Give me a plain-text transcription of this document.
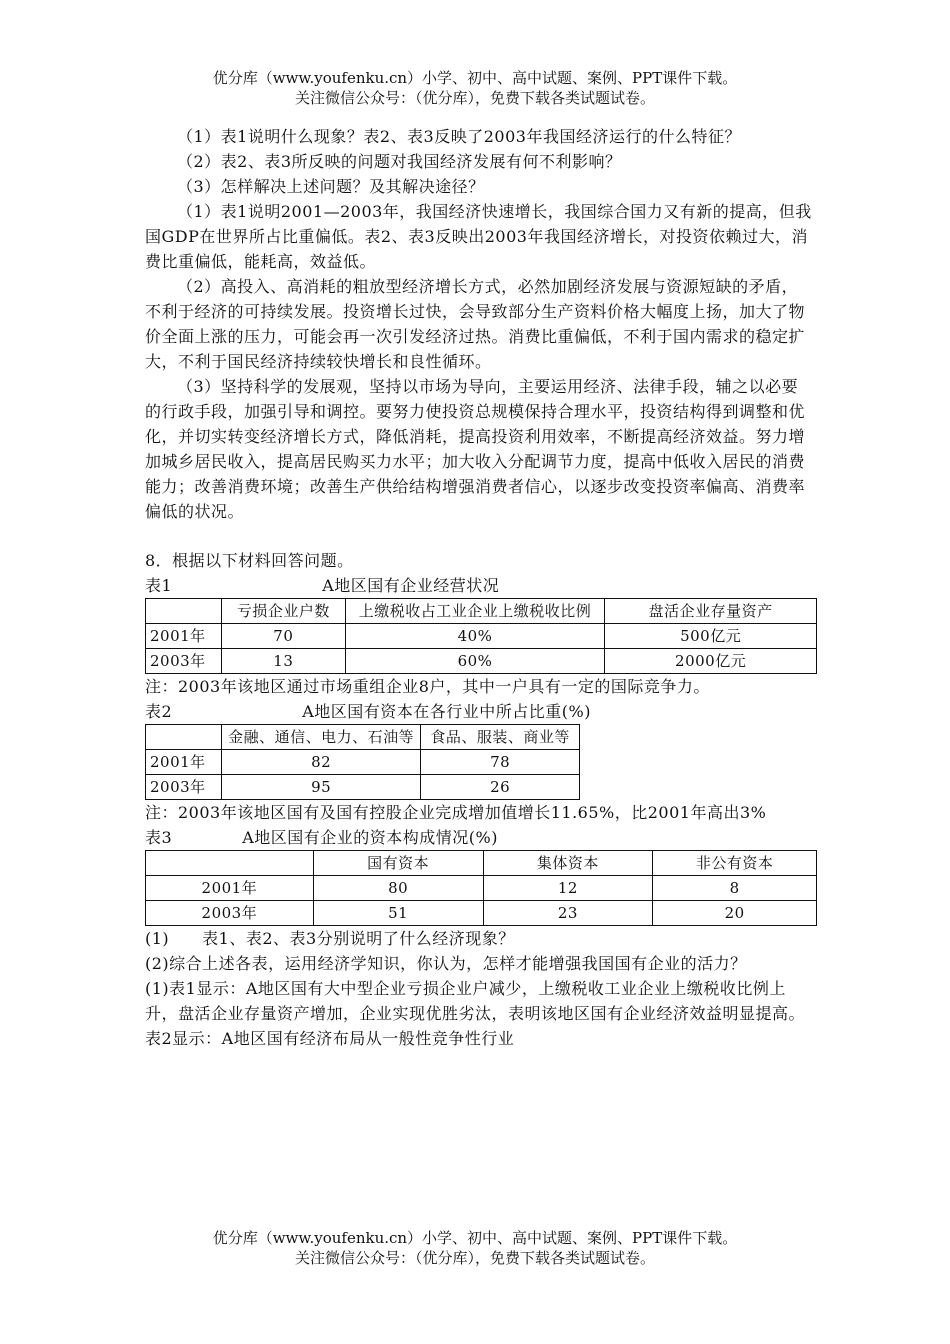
优分库（www.youfenku.cn）小学、初中、高中试题、案例、PPT课件下载。
关注微信公众号：（优分库），免费下载各类试题试卷。

（1）表1说明什么现象？表2、表3反映了2003年我国经济运行的什么特征？

（2）表2、表3所反映的问题对我国经济发展有何不利影响？

（3）怎样解决上述问题？及其解决途径？

（1）表1说明2001—2003年，我国经济快速增长，我国综合国力又有新的提高，但我国GDP在世界所占比重偏低。表2、表3反映出2003年我国经济增长，对投资依赖过大，消费比重偏低，能耗高，效益低。

（2）高投入、高消耗的粗放型经济增长方式，必然加剧经济发展与资源短缺的矛盾，不利于经济的可持续发展。投资增长过快，会导致部分生产资料价格大幅度上扬，加大了物价全面上涨的压力，可能会再一次引发经济过热。消费比重偏低，不利于国内需求的稳定扩大，不利于国民经济持续较快增长和良性循环。

（3）坚持科学的发展观，坚持以市场为导向，主要运用经济、法律手段，辅之以必要的行政手段，加强引导和调控。要努力使投资总规模保持合理水平，投资结构得到调整和优化，并切实转变经济增长方式，降低消耗，提高投资利用效率，不断提高经济效益。努力增加城乡居民收入，提高居民购买力水平；加大收入分配调节力度，提高中低收入居民的消费能力；改善消费环境；改善生产供给结构增强消费者信心，以逐步改变投资率偏高、消费率偏低的状况。

8．根据以下材料回答问题。

表1	A地区国有企业经营状况

	亏损企业户数	上缴税收占工业企业上缴税收比例	盘活企业存量资产
2001年	70	40%	500亿元
2003年	13	60%	2000亿元

注：2003年该地区通过市场重组企业8户，其中一户具有一定的国际竞争力。

表2	A地区国有资本在各行业中所占比重(%)

	金融、通信、电力、石油等	食品、服装、商业等
2001年	82	78
2003年	95	26

注：2003年该地区国有及国有控股企业完成增加值增长11.65%，比2001年高出3%

表3	A地区国有企业的资本构成情况(%)

	国有资本	集体资本	非公有资本
2001年	80	12	8
2003年	51	23	20

(1)　　表1、表2、表3分别说明了什么经济现象？

(2)综合上述各表，运用经济学知识，你认为，怎样才能增强我国国有企业的活力？

(1)表1显示：A地区国有大中型企业亏损企业户减少，上缴税收工业企业上缴税收比例上升，盘活企业存量资产增加，企业实现优胜劣汰，表明该地区国有企业经济效益明显提高。表2显示：A地区国有经济布局从一般性竞争性行业

优分库（www.youfenku.cn）小学、初中、高中试题、案例、PPT课件下载。
关注微信公众号：（优分库），免费下载各类试题试卷。
